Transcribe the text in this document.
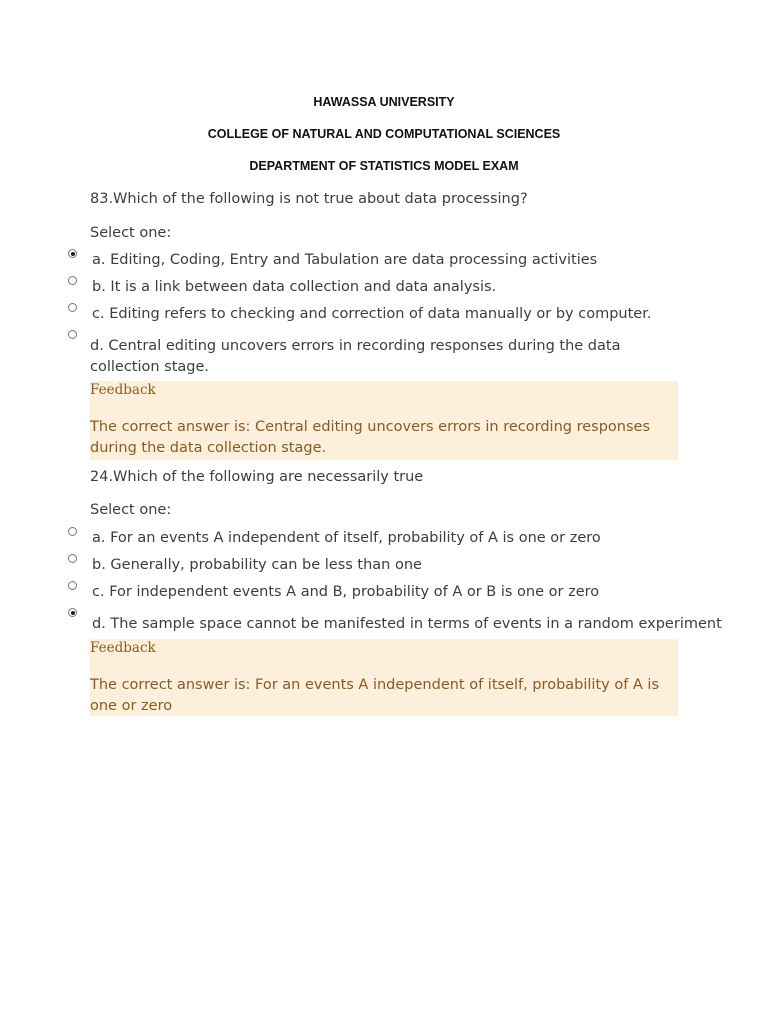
HAWASSA UNIVERSITY
COLLEGE OF NATURAL AND COMPUTATIONAL SCIENCES
DEPARTMENT OF STATISTICS MODEL EXAM
83.Which of the following is not true about data processing?
Select one:
a. Editing, Coding, Entry and Tabulation are data processing activities
b. It is a link between data collection and data analysis.
c. Editing refers to checking and correction of data manually or by computer.
d. Central editing uncovers errors in recording responses during the data collection stage.
Feedback
The correct answer is: Central editing uncovers errors in recording responses during the data collection stage.
24.Which of the following are necessarily true
Select one:
a. For an events A independent of itself, probability of A is one or zero
b. Generally, probability can be less than one
c. For independent events A and B, probability of A or B is one or zero
d. The sample space cannot be manifested in terms of events in a random experiment
Feedback
The correct answer is: For an events A independent of itself, probability of A is one or zero
